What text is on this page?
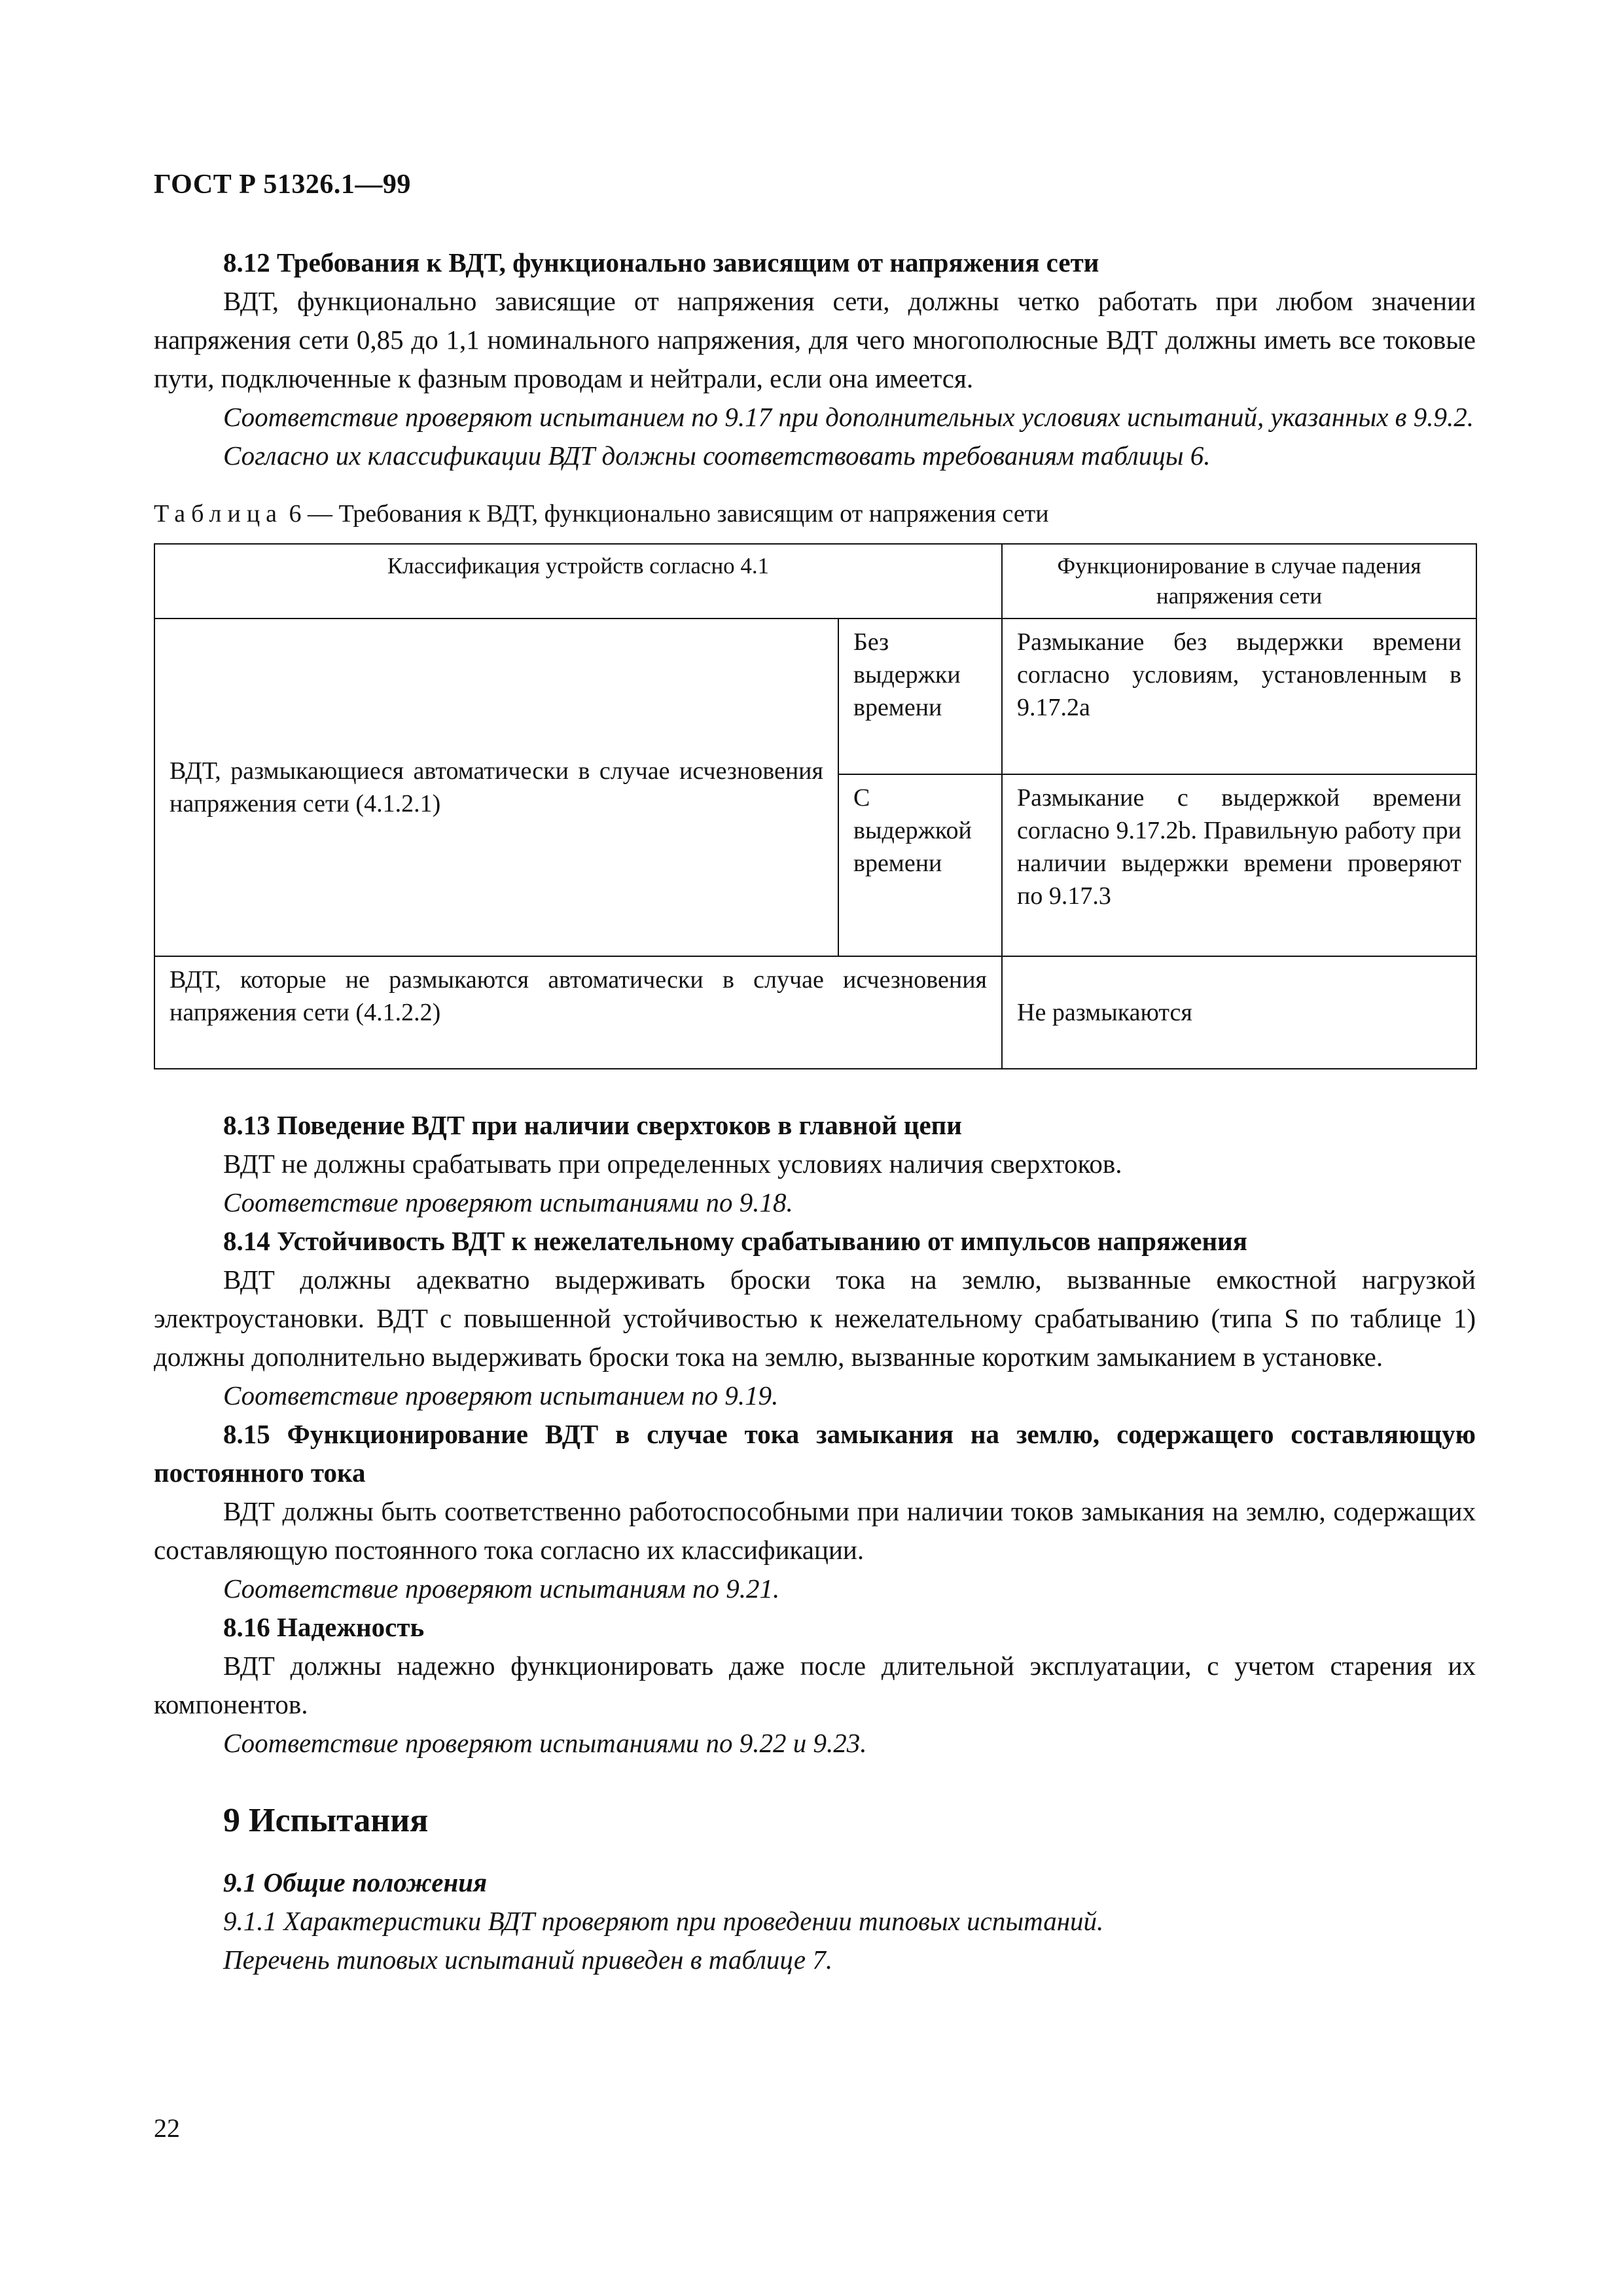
ГОСТ Р 51326.1—99

8.12 Требования к ВДТ, функционально зависящим от напряжения сети

ВДТ, функционально зависящие от напряжения сети, должны четко работать при любом значении напряжения сети 0,85 до 1,1 номинального напряжения, для чего многополюсные ВДТ должны иметь все токовые пути, подключенные к фазным проводам и нейтрали, если она имеется.

Соответствие проверяют испытанием по 9.17 при дополнительных условиях испытаний, указанных в 9.9.2.

Согласно их классификации ВДТ должны соответствовать требованиям таблицы 6.

Таблица 6 — Требования к ВДТ, функционально зависящим от напряжения сети

Классификация устройств согласно 4.1		Функционирование в случае падения напряжения сети
ВДТ, размыкающиеся автоматически в случае исчезновения напряжения сети (4.1.2.1)	Без выдержки времени	Размыкание без выдержки времени согласно условиям, установленным в 9.17.2а
	С выдержкой времени	Размыкание с выдержкой времени согласно 9.17.2b. Правильную работу при наличии выдержки времени проверяют по 9.17.3
ВДТ, которые не размыкаются автоматически в случае исчезновения напряжения сети (4.1.2.2)		Не размыкаются

8.13 Поведение ВДТ при наличии сверхтоков в главной цепи

ВДТ не должны срабатывать при определенных условиях наличия сверхтоков.

Соответствие проверяют испытаниями по 9.18.

8.14 Устойчивость ВДТ к нежелательному срабатыванию от импульсов напряжения

ВДТ должны адекватно выдерживать броски тока на землю, вызванные емкостной нагрузкой электроустановки. ВДТ с повышенной устойчивостью к нежелательному срабатыванию (типа S по таблице 1) должны дополнительно выдерживать броски тока на землю, вызванные коротким замыканием в установке.

Соответствие проверяют испытанием по 9.19.

8.15 Функционирование ВДТ в случае тока замыкания на землю, содержащего составляющую постоянного тока

ВДТ должны быть соответственно работоспособными при наличии токов замыкания на землю, содержащих составляющую постоянного тока согласно их классификации.

Соответствие проверяют испытаниям по 9.21.

8.16 Надежность

ВДТ должны надежно функционировать даже после длительной эксплуатации, с учетом старения их компонентов.

Соответствие проверяют испытаниями по 9.22 и 9.23.

9 Испытания

9.1 Общие положения

9.1.1 Характеристики ВДТ проверяют при проведении типовых испытаний.

Перечень типовых испытаний приведен в таблице 7.

22
